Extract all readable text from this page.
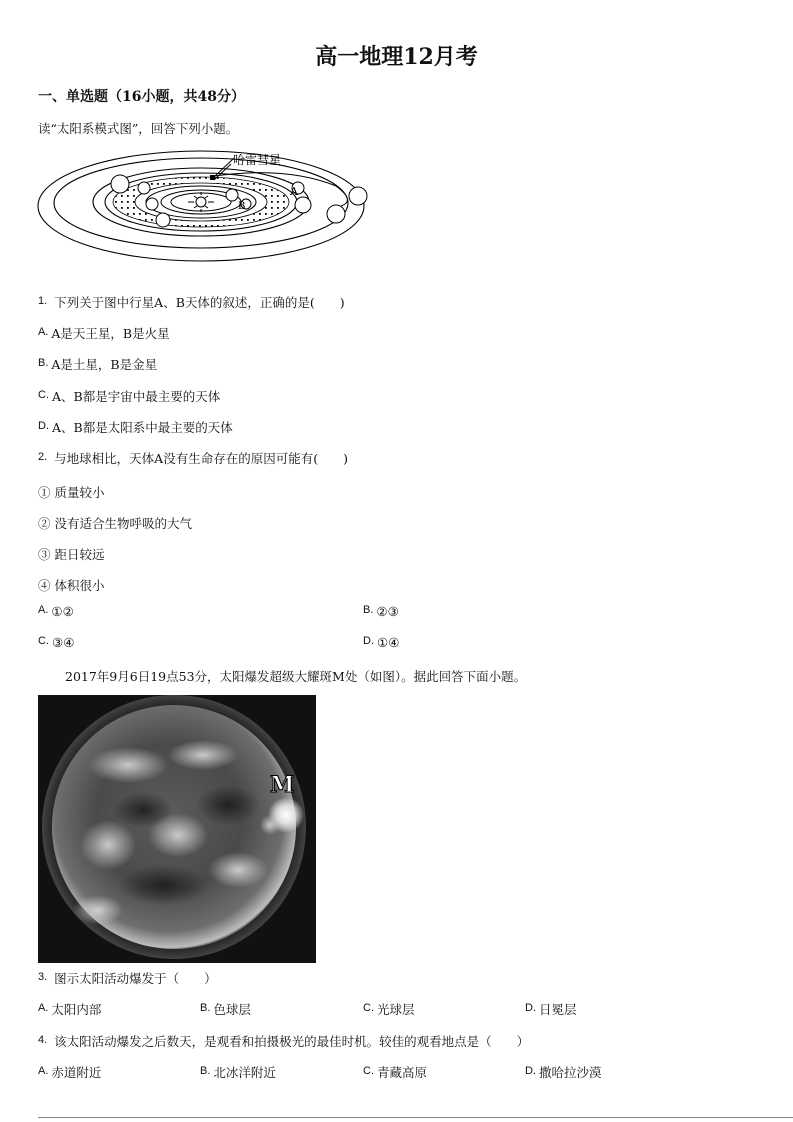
高一地理12月考
一、单选题（16小题，共48分）
读“太阳系模式图”，回答下列小题。
哈雷彗星
A
B
1. 下列关于图中行星A、B天体的叙述，正确的是(　　)
A. A是天王星，B是火星
B. A是土星，B是金星
C. A、B都是宇宙中最主要的天体
D. A、B都是太阳系中最主要的天体
2. 与地球相比，天体A没有生命存在的原因可能有(　　)
① 质量较小
② 没有适合生物呼吸的大气
③ 距日较远
④ 体积很小
A. ①②	B. ②③
C. ③④	D. ①④
2017年9月6日19点53分，太阳爆发超级大耀斑M处（如图）。据此回答下面小题。
M
3. 图示太阳活动爆发于（　　）
A. 太阳内部	B. 色球层	C. 光球层	D. 日冕层
4. 该太阳活动爆发之后数天，是观看和拍摄极光的最佳时机。较佳的观看地点是（　　）
A. 赤道附近	B. 北冰洋附近	C. 青藏高原	D. 撒哈拉沙漠
